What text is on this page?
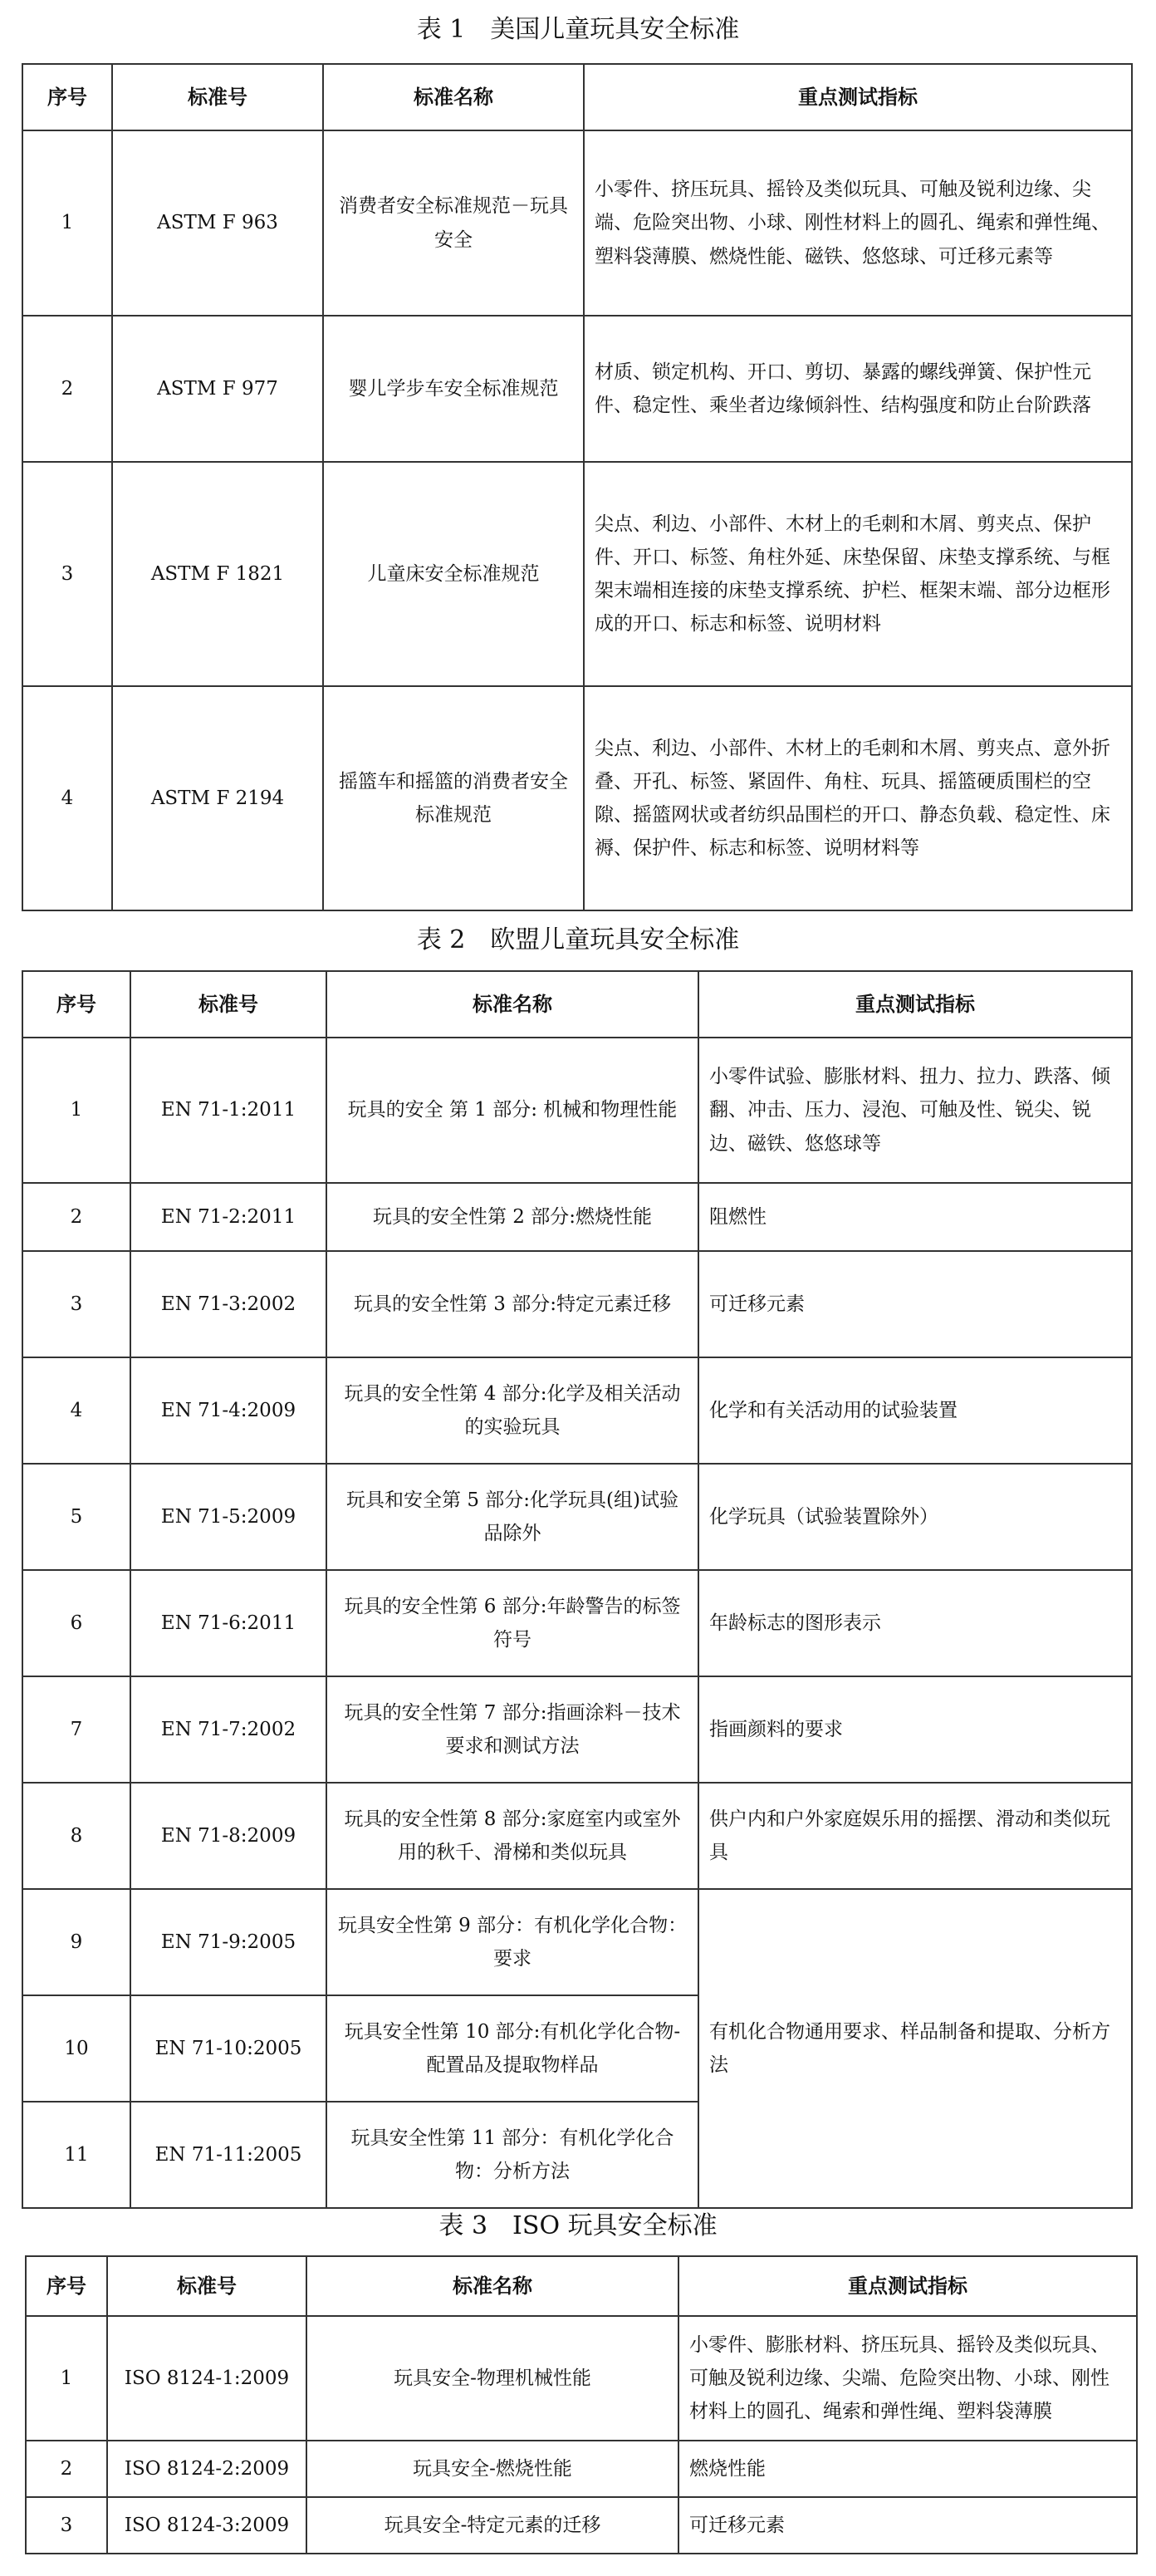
表 1　美国儿童玩具安全标准
序号	标准号	标准名称	重点测试指标
1	ASTM F 963	消费者安全标准规范－玩具安全	小零件、挤压玩具、摇铃及类似玩具、可触及锐利边缘、尖端、危险突出物、小球、刚性材料上的圆孔、绳索和弹性绳、塑料袋薄膜、燃烧性能、磁铁、悠悠球、可迁移元素等
2	ASTM F 977	婴儿学步车安全标准规范	材质、锁定机构、开口、剪切、暴露的螺线弹簧、保护性元件、稳定性、乘坐者边缘倾斜性、结构强度和防止台阶跌落
3	ASTM F 1821	儿童床安全标准规范	尖点、利边、小部件、木材上的毛刺和木屑、剪夹点、保护件、开口、标签、角柱外延、床垫保留、床垫支撑系统、与框架末端相连接的床垫支撑系统、护栏、框架末端、部分边框形成的开口、标志和标签、说明材料
4	ASTM F 2194	摇篮车和摇篮的消费者安全标准规范	尖点、利边、小部件、木材上的毛刺和木屑、剪夹点、意外折叠、开孔、标签、紧固件、角柱、玩具、摇篮硬质围栏的空隙、摇篮网状或者纺织品围栏的开口、静态负载、稳定性、床褥、保护件、标志和标签、说明材料等
表 2　欧盟儿童玩具安全标准
序号	标准号	标准名称	重点测试指标
1	EN 71-1:2011	玩具的安全 第 1 部分: 机械和物理性能	小零件试验、膨胀材料、扭力、拉力、跌落、倾翻、冲击、压力、浸泡、可触及性、锐尖、锐边、磁铁、悠悠球等
2	EN 71-2:2011	玩具的安全性第 2 部分:燃烧性能	阻燃性
3	EN 71-3:2002	玩具的安全性第 3 部分:特定元素迁移	可迁移元素
4	EN 71-4:2009	玩具的安全性第 4 部分:化学及相关活动的实验玩具	化学和有关活动用的试验装置
5	EN 71-5:2009	玩具和安全第 5 部分:化学玩具(组)试验品除外	化学玩具（试验装置除外）
6	EN 71-6:2011	玩具的安全性第 6 部分:年龄警告的标签符号	年龄标志的图形表示
7	EN 71-7:2002	玩具的安全性第 7 部分:指画涂料－技术要求和测试方法	指画颜料的要求
8	EN 71-8:2009	玩具的安全性第 8 部分:家庭室内或室外用的秋千、滑梯和类似玩具	供户内和户外家庭娱乐用的摇摆、滑动和类似玩具
9	EN 71-9:2005	玩具安全性第 9 部分：有机化学化合物：要求	有机化合物通用要求、样品制备和提取、分析方法
10	EN 71-10:2005	玩具安全性第 10 部分:有机化学化合物-配置品及提取物样品	
11	EN 71-11:2005	玩具安全性第 11 部分：有机化学化合物：分析方法	
表 3　ISO 玩具安全标准
序号	标准号	标准名称	重点测试指标
1	ISO 8124-1:2009	玩具安全-物理机械性能	小零件、膨胀材料、挤压玩具、摇铃及类似玩具、可触及锐利边缘、尖端、危险突出物、小球、刚性材料上的圆孔、绳索和弹性绳、塑料袋薄膜
2	ISO 8124-2:2009	玩具安全-燃烧性能	燃烧性能
3	ISO 8124-3:2009	玩具安全-特定元素的迁移	可迁移元素
